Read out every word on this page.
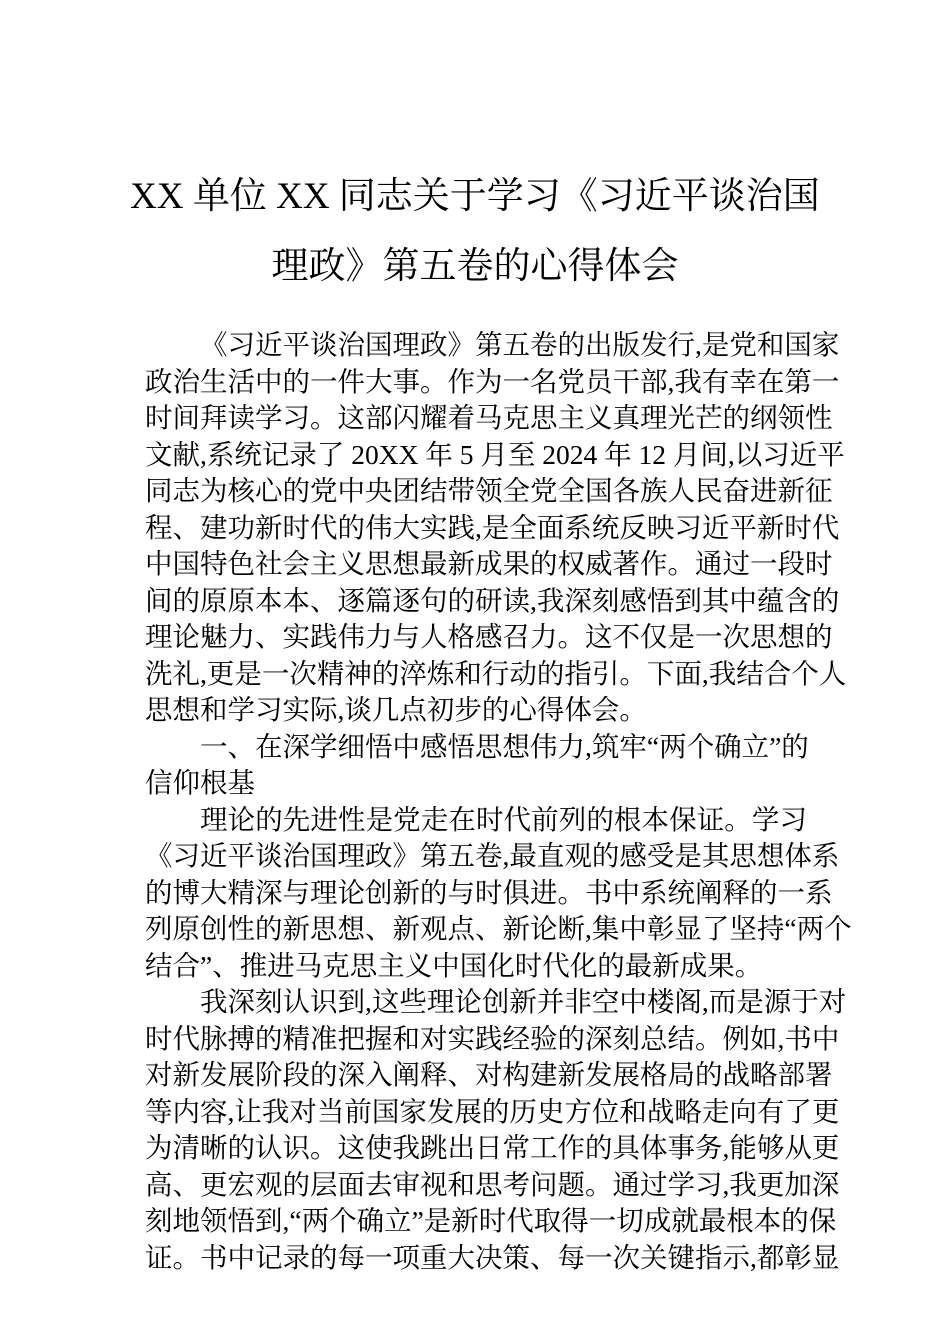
XX 单位 XX 同志关于学习《习近平谈治国
理政》第五卷的心得体会
《习近平谈治国理政》第五卷的出版发行,是党和国家
政治生活中的一件大事。作为一名党员干部,我有幸在第一
时间拜读学习。这部闪耀着马克思主义真理光芒的纲领性
文献,系统记录了 20XX 年 5 月至 2024 年 12 月间,以习近平
同志为核心的党中央团结带领全党全国各族人民奋进新征
程、建功新时代的伟大实践,是全面系统反映习近平新时代
中国特色社会主义思想最新成果的权威著作。通过一段时
间的原原本本、逐篇逐句的研读,我深刻感悟到其中蕴含的
理论魅力、实践伟力与人格感召力。这不仅是一次思想的
洗礼,更是一次精神的淬炼和行动的指引。下面,我结合个人
思想和学习实际,谈几点初步的心得体会。
一、在深学细悟中感悟思想伟力,筑牢“两个确立”的
信仰根基
理论的先进性是党走在时代前列的根本保证。学习
《习近平谈治国理政》第五卷,最直观的感受是其思想体系
的博大精深与理论创新的与时俱进。书中系统阐释的一系
列原创性的新思想、新观点、新论断,集中彰显了坚持“两个
结合”、推进马克思主义中国化时代化的最新成果。
我深刻认识到,这些理论创新并非空中楼阁,而是源于对
时代脉搏的精准把握和对实践经验的深刻总结。例如,书中
对新发展阶段的深入阐释、对构建新发展格局的战略部署
等内容,让我对当前国家发展的历史方位和战略走向有了更
为清晰的认识。这使我跳出日常工作的具体事务,能够从更
高、更宏观的层面去审视和思考问题。通过学习,我更加深
刻地领悟到,“两个确立”是新时代取得一切成就最根本的保
证。书中记录的每一项重大决策、每一次关键指示,都彰显
